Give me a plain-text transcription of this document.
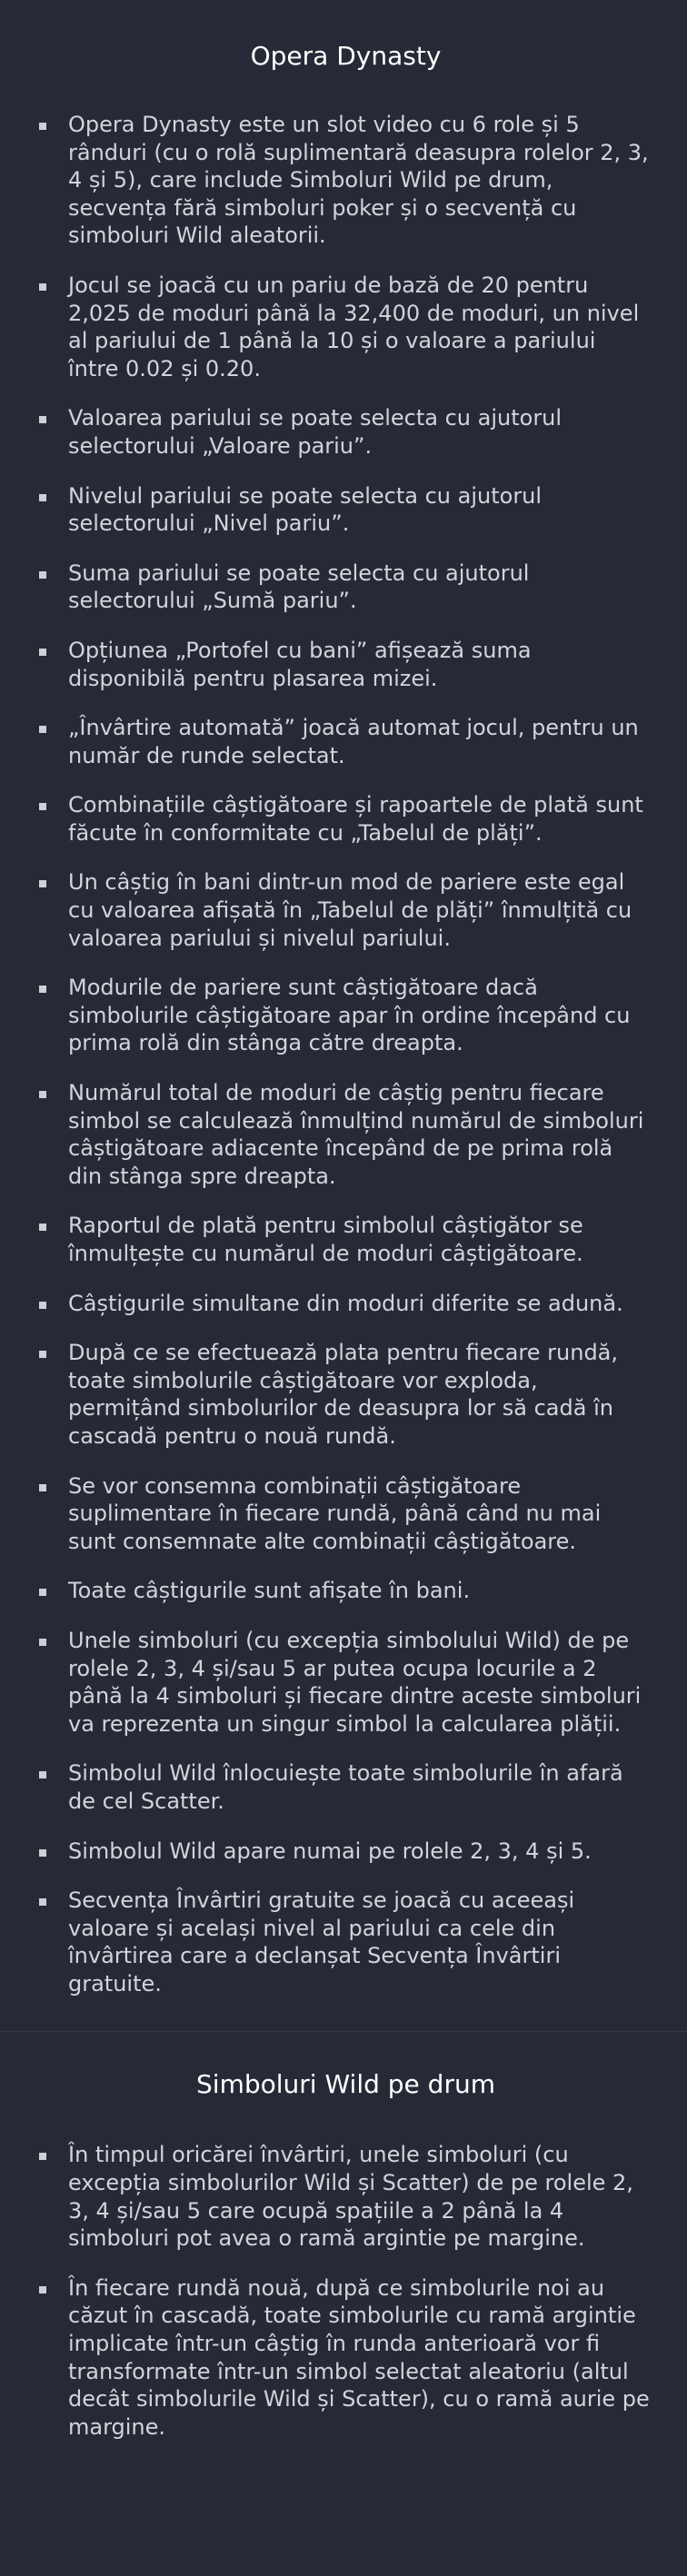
Opera Dynasty
Opera Dynasty este un slot video cu 6 role și 5 rânduri (cu o rolă suplimentară deasupra rolelor 2, 3, 4 și 5), care include Simboluri Wild pe drum, secvența fără simboluri poker și o secvență cu simboluri Wild aleatorii.
Jocul se joacă cu un pariu de bază de 20 pentru 2,025 de moduri până la 32,400 de moduri, un nivel al pariului de 1 până la 10 și o valoare a pariului între 0.02 și 0.20.
Valoarea pariului se poate selecta cu ajutorul selectorului „Valoare pariu”.
Nivelul pariului se poate selecta cu ajutorul selectorului „Nivel pariu”.
Suma pariului se poate selecta cu ajutorul selectorului „Sumă pariu”.
Opțiunea „Portofel cu bani” afișează suma disponibilă pentru plasarea mizei.
„Învârtire automată” joacă automat jocul, pentru un număr de runde selectat.
Combinațiile câștigătoare și rapoartele de plată sunt făcute în conformitate cu „Tabelul de plăți”.
Un câștig în bani dintr-un mod de pariere este egal cu valoarea afișată în „Tabelul de plăți” înmulțită cu valoarea pariului și nivelul pariului.
Modurile de pariere sunt câștigătoare dacă simbolurile câștigătoare apar în ordine începând cu prima rolă din stânga către dreapta.
Numărul total de moduri de câștig pentru fiecare simbol se calculează înmulțind numărul de simboluri câștigătoare adiacente începând de pe prima rolă din stânga spre dreapta.
Raportul de plată pentru simbolul câștigător se înmulțește cu numărul de moduri câștigătoare.
Câștigurile simultane din moduri diferite se adună.
După ce se efectuează plata pentru fiecare rundă, toate simbolurile câștigătoare vor exploda, permițând simbolurilor de deasupra lor să cadă în cascadă pentru o nouă rundă.
Se vor consemna combinații câștigătoare suplimentare în fiecare rundă, până când nu mai sunt consemnate alte combinații câștigătoare.
Toate câștigurile sunt afișate în bani.
Unele simboluri (cu excepția simbolului Wild) de pe rolele 2, 3, 4 și/sau 5 ar putea ocupa locurile a 2 până la 4 simboluri și fiecare dintre aceste simboluri va reprezenta un singur simbol la calcularea plății.
Simbolul Wild înlocuiește toate simbolurile în afară de cel Scatter.
Simbolul Wild apare numai pe rolele 2, 3, 4 și 5.
Secvența Învârtiri gratuite se joacă cu aceeași valoare și același nivel al pariului ca cele din învârtirea care a declanșat Secvența Învârtiri gratuite.
Simboluri Wild pe drum
În timpul oricărei învârtiri, unele simboluri (cu excepția simbolurilor Wild și Scatter) de pe rolele 2, 3, 4 și/sau 5 care ocupă spațiile a 2 până la 4 simboluri pot avea o ramă argintie pe margine.
În fiecare rundă nouă, după ce simbolurile noi au căzut în cascadă, toate simbolurile cu ramă argintie implicate într-un câștig în runda anterioară vor fi transformate într-un simbol selectat aleatoriu (altul decât simbolurile Wild și Scatter), cu o ramă aurie pe margine.
